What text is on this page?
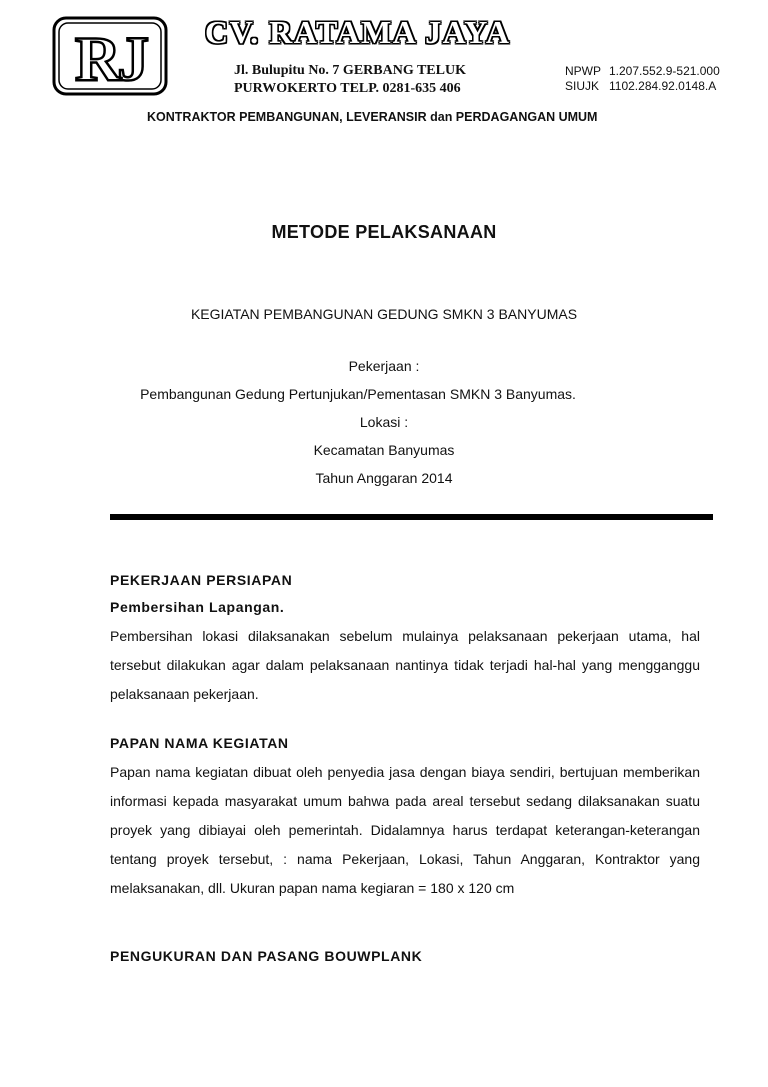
RJ CV. RATAMA JAYA
Jl. Bulupitu No. 7 GERBANG TELUK
PURWOKERTO TELP. 0281-635 406
NPWP 1.207.552.9-521.000
SIUJK 1102.284.92.0148.A
KONTRAKTOR PEMBANGUNAN, LEVERANSIR dan PERDAGANGAN UMUM
METODE PELAKSANAAN
KEGIATAN PEMBANGUNAN GEDUNG SMKN 3 BANYUMAS
Pekerjaan :
Pembangunan Gedung Pertunjukan/Pementasan SMKN 3 Banyumas.
Lokasi :
Kecamatan Banyumas
Tahun Anggaran 2014
PEKERJAAN PERSIAPAN
Pembersihan Lapangan.
Pembersihan lokasi dilaksanakan sebelum mulainya pelaksanaan pekerjaan utama, hal tersebut dilakukan agar dalam pelaksanaan nantinya tidak terjadi hal-hal yang mengganggu pelaksanaan pekerjaan.
PAPAN NAMA KEGIATAN
Papan nama kegiatan dibuat oleh penyedia jasa dengan biaya sendiri, bertujuan memberikan informasi kepada masyarakat umum bahwa pada areal tersebut sedang dilaksanakan suatu proyek yang dibiayai oleh pemerintah. Didalamnya harus terdapat keterangan-keterangan tentang proyek tersebut, : nama Pekerjaan, Lokasi, Tahun Anggaran, Kontraktor yang melaksanakan, dll. Ukuran papan nama kegiaran = 180 x 120 cm
PENGUKURAN DAN PASANG BOUWPLANK
